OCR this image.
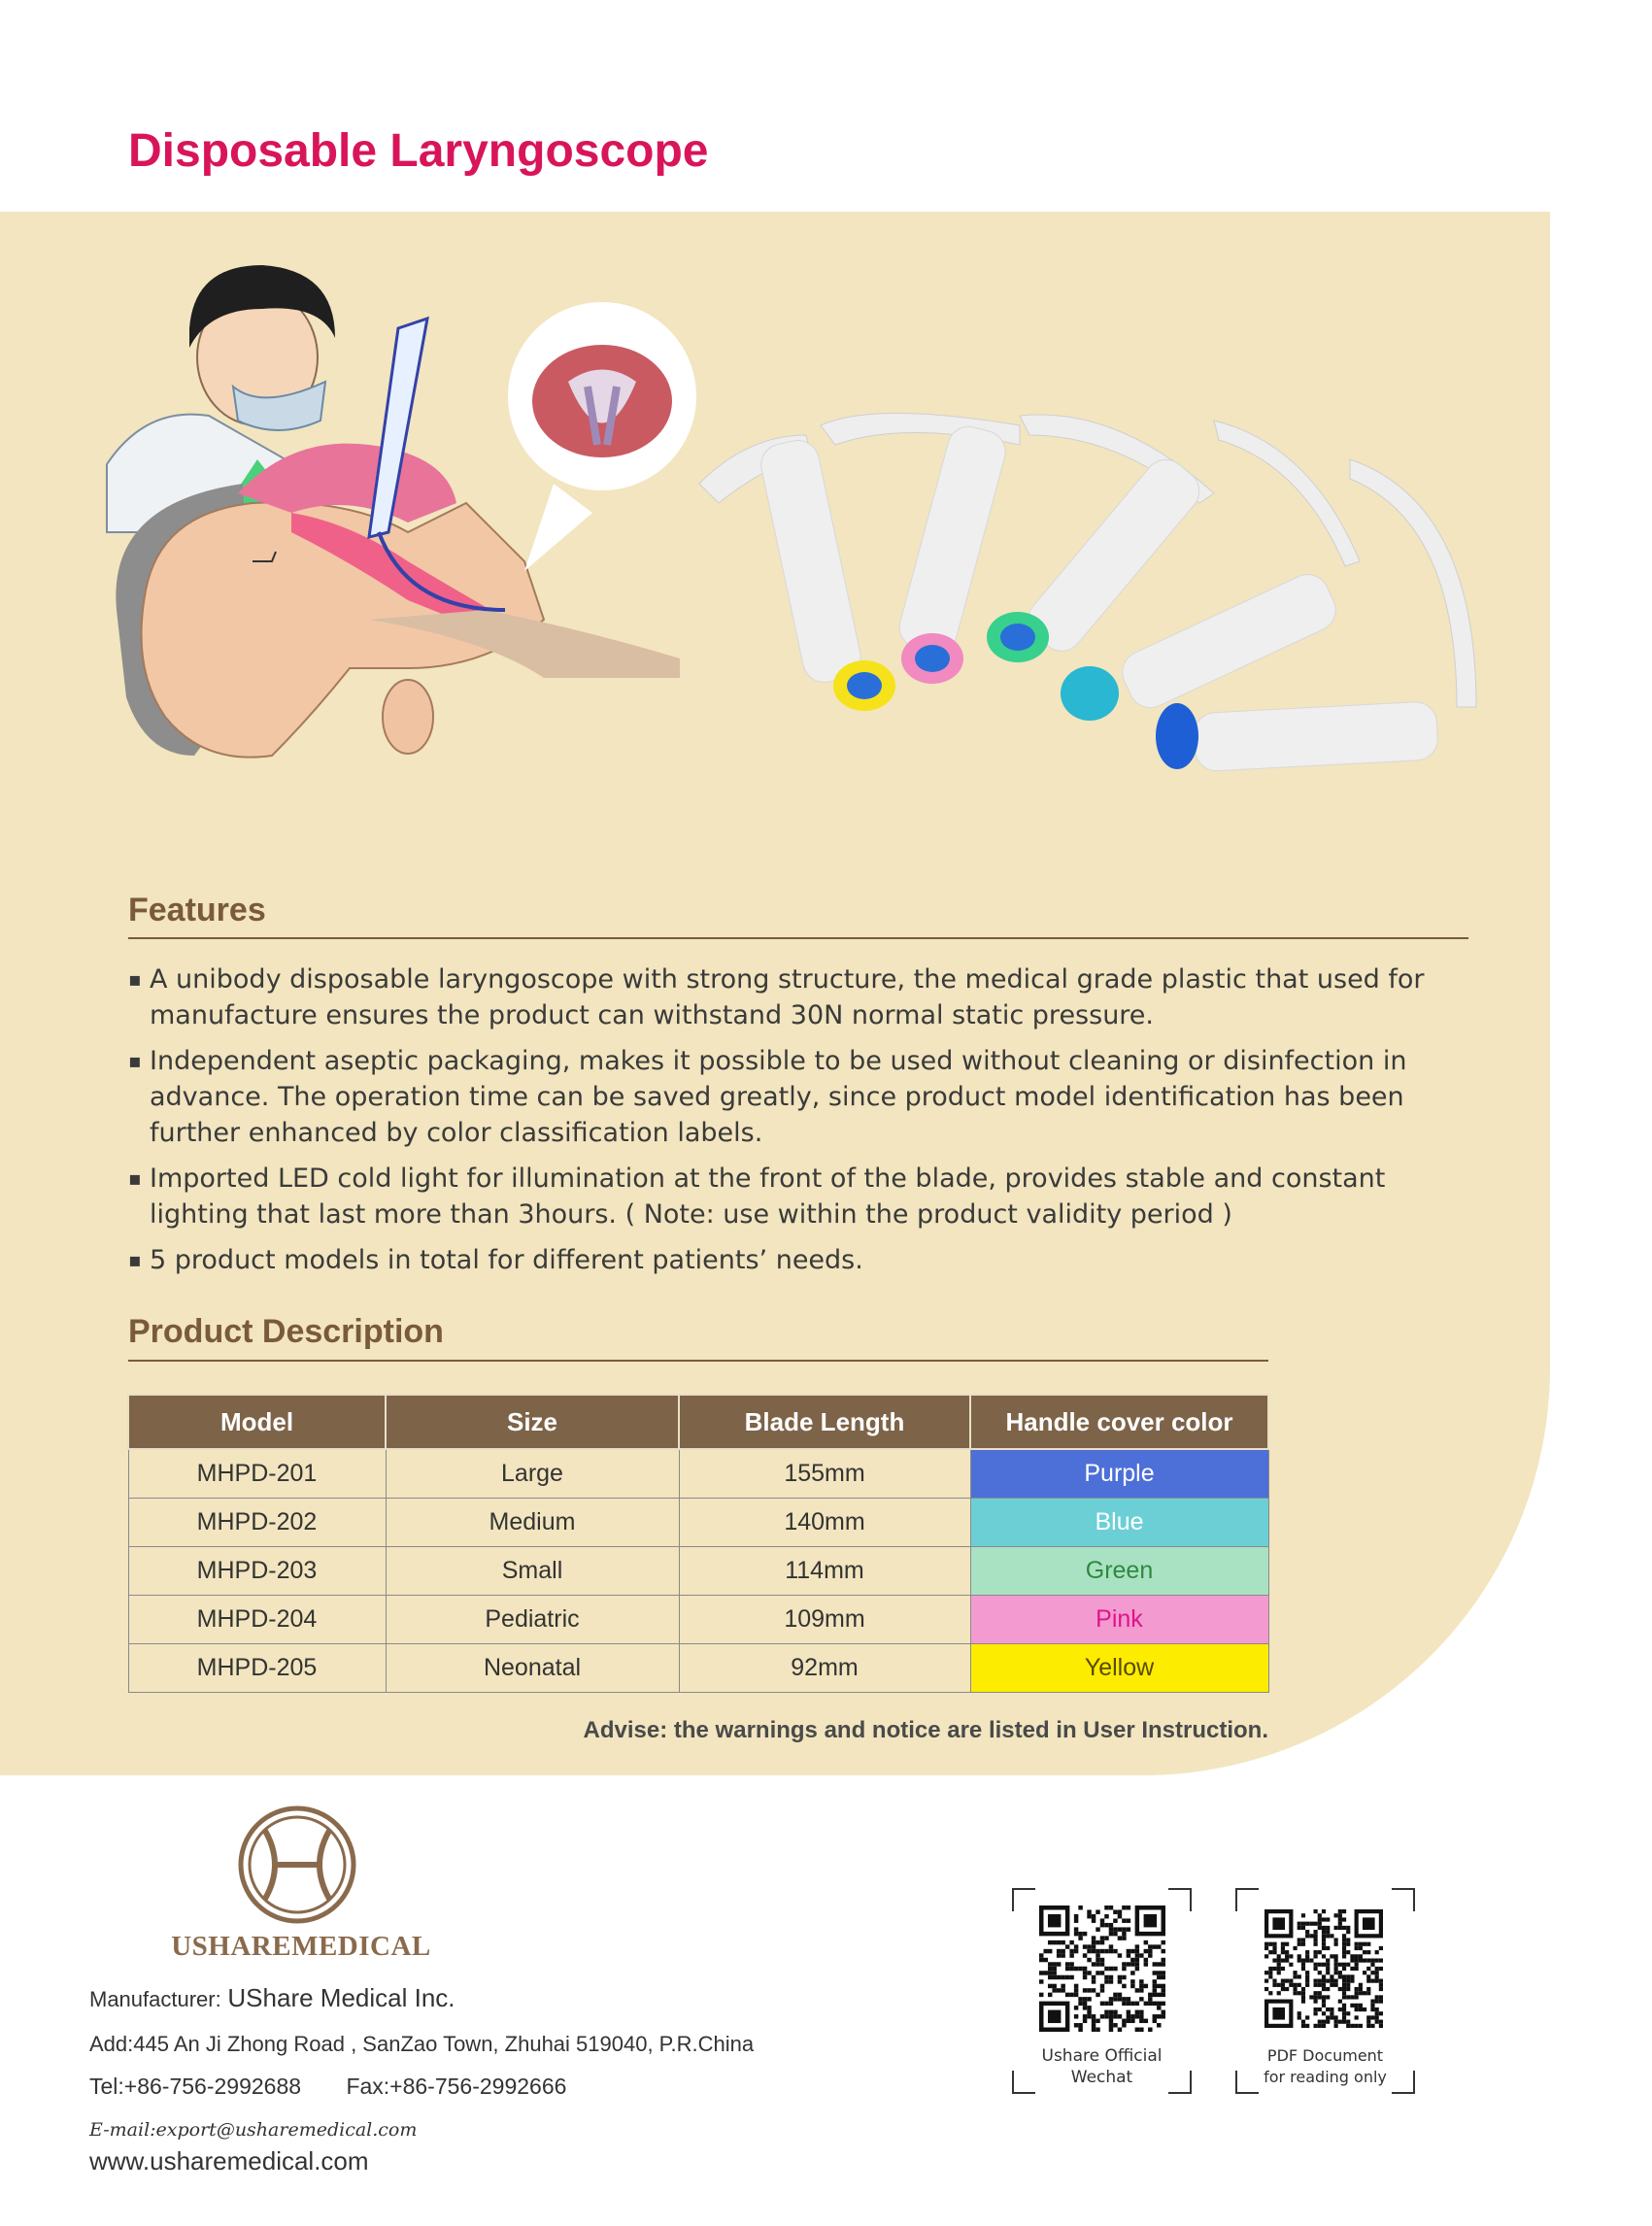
Disposable Laryngoscope
Features
▪ A unibody disposable laryngoscope with strong structure, the medical grade plastic that used for manufacture ensures the product can withstand 30N normal static pressure.
▪ Independent aseptic packaging, makes it possible to be used without cleaning or disinfection in advance. The operation time can be saved greatly, since product model identification has been further enhanced by color classification labels.
▪ Imported LED cold light for illumination at the front of the blade, provides stable and constant lighting that last more than 3hours. ( Note: use within the product validity period )
▪ 5 product models in total for different patients’ needs.
Product Description
Model	Size	Blade Length	Handle cover color
MHPD-201	Large	155mm	Purple
MHPD-202	Medium	140mm	Blue
MHPD-203	Small	114mm	Green
MHPD-204	Pediatric	109mm	Pink
MHPD-205	Neonatal	92mm	Yellow
Advise: the warnings and notice are listed in User Instruction.
USHAREMEDICAL
Manufacturer: UShare Medical Inc.
Add:445 An Ji Zhong Road , SanZao Town, Zhuhai 519040, P.R.China
Tel:+86-756-2992688 Fax:+86-756-2992666
E-mail:export@usharemedical.com
www.usharemedical.com
Ushare Official
Wechat
PDF Document
for reading only
